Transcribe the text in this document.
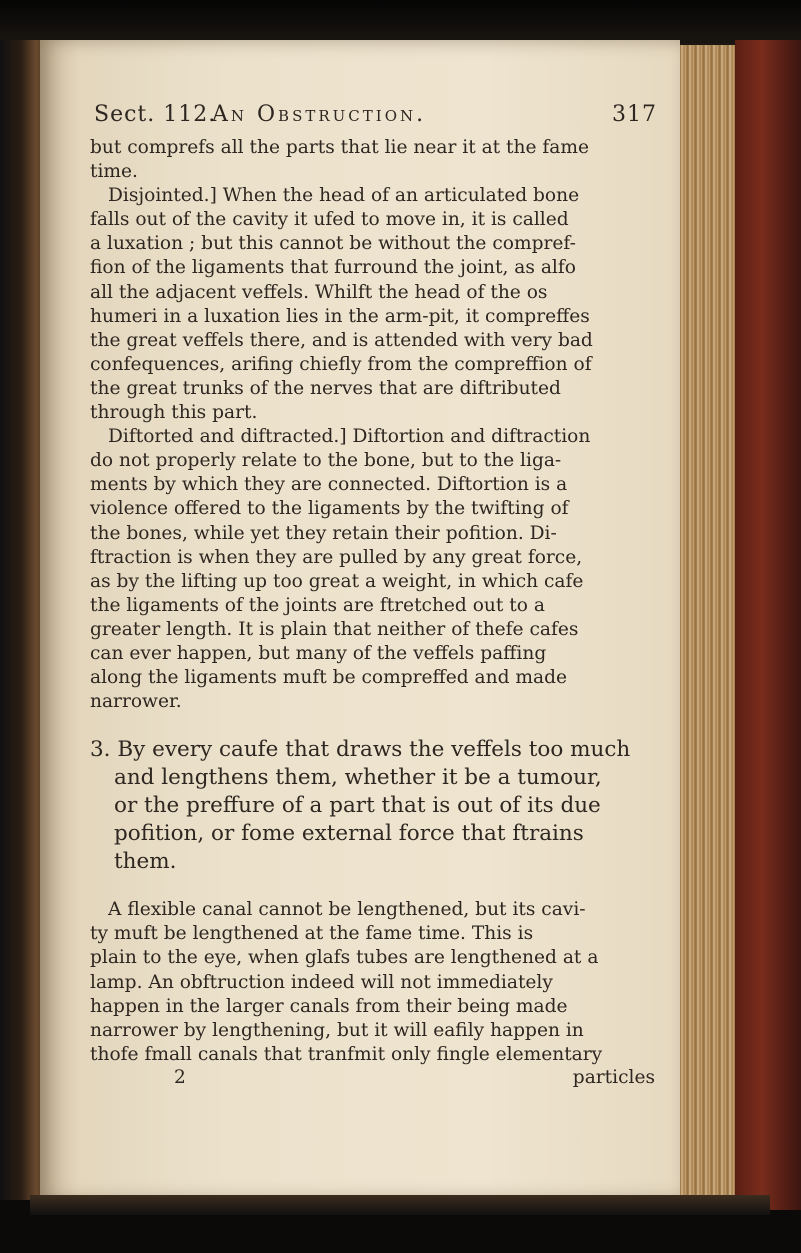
Sect. 112.
An Obstruction.	317

but comprefs all the parts that lie near it at the fame
time.

Disjointed.] When the head of an articulated bone
falls out of the cavity it ufed to move in, it is called
a luxation ; but this cannot be without the compref-
fion of the ligaments that furround the joint, as alfo
all the adjacent veffels. Whilft the head of the os
humeri in a luxation lies in the arm-pit, it compreffes
the great veffels there, and is attended with very bad
confequences, arifing chiefly from the compreffion of
the great trunks of the nerves that are diftributed
through this part.

Diftorted and diftracted.] Diftortion and diftraction
do not properly relate to the bone, but to the liga-
ments by which they are connected. Diftortion is a
violence offered to the ligaments by the twifting of
the bones, while yet they retain their pofition. Di-
ftraction is when they are pulled by any great force,
as by the lifting up too great a weight, in which cafe
the ligaments of the joints are ftretched out to a
greater length. It is plain that neither of thefe cafes
can ever happen, but many of the veffels paffing
along the ligaments muft be compreffed and made
narrower.

3. By every caufe that draws the veffels too much
and lengthens them, whether it be a tumour,
or the preffure of a part that is out of its due
pofition, or fome external force that ftrains
them.

A flexible canal cannot be lengthened, but its cavi-
ty muft be lengthened at the fame time. This is
plain to the eye, when glafs tubes are lengthened at a
lamp. An obftruction indeed will not immediately
happen in the larger canals from their being made
narrower by lengthening, but it will eafily happen in
thofe fmall canals that tranfmit only fingle elementary

2	particles
